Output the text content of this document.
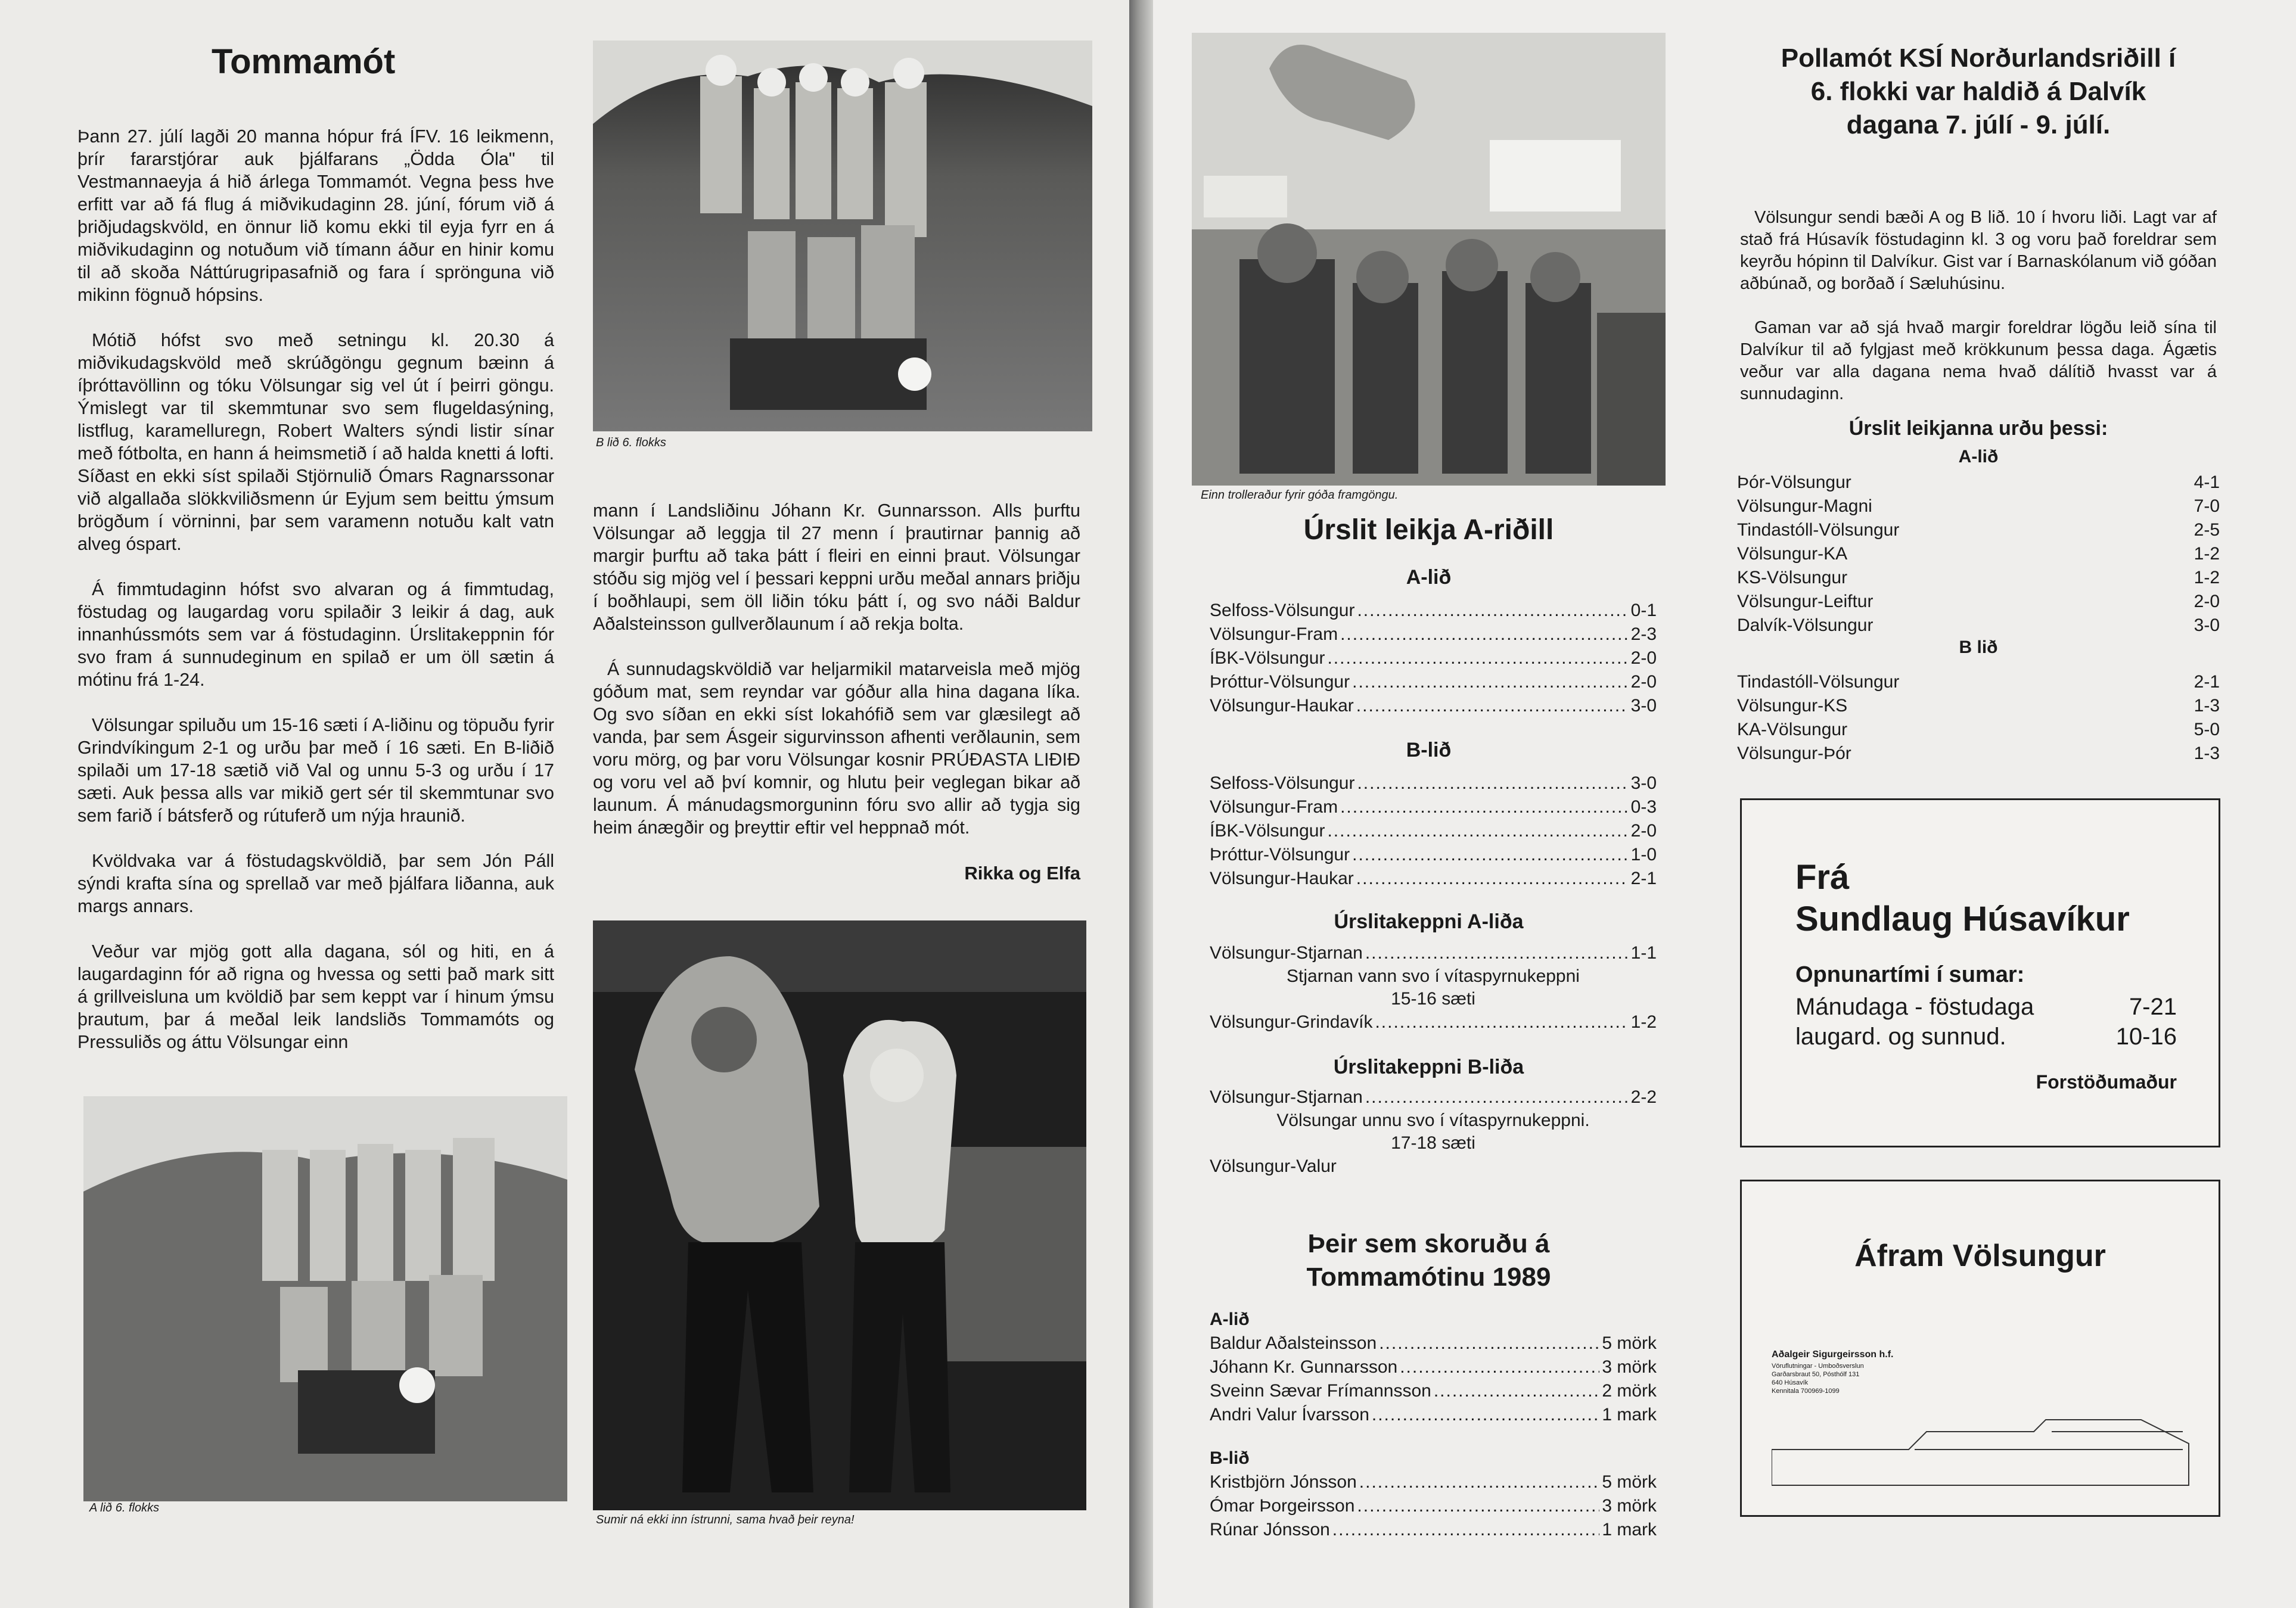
Tommamót

Þann 27. júlí lagði 20 manna hópur frá ÍFV. 16 leikmenn, þrír fararstjórar auk þjálfarans „Ödda Óla" til Vestmannaeyja á hið árlega Tommamót. Vegna þess hve erfitt var að fá flug á miðvikudaginn 28. júní, fórum við á þriðjudagskvöld, en önnur lið komu ekki til eyja fyrr en á miðvikudaginn og notuðum við tímann áður en hinir komu til að skoða Náttúrugripasafnið og fara í sprönguna við mikinn fögnuð hópsins.

Mótið hófst svo með setningu kl. 20.30 á miðvikudagskvöld með skrúðgöngu gegnum bæinn á íþróttavöllinn og tóku Völsungar sig vel út í þeirri göngu. Ýmislegt var til skemmtunar svo sem flugeldasýning, listflug, karamelluregn, Robert Walters sýndi listir sínar með fótbolta, en hann á heimsmetið í að halda knetti á lofti. Síðast en ekki síst spilaði Stjörnulið Ómars Ragnarssonar við algallaða slökkviliðsmenn úr Eyjum sem beittu ýmsum brögðum í vörninni, þar sem varamenn notuðu kalt vatn alveg óspart.

Á fimmtudaginn hófst svo alvaran og á fimmtudag, föstudag og laugardag voru spilaðir 3 leikir á dag, auk innanhússmóts sem var á föstudaginn. Úrslitakeppnin fór svo fram á sunnudeginum en spilað er um öll sætin á mótinu frá 1-24.

Völsungar spiluðu um 15-16 sæti í A-liðinu og töpuðu fyrir Grindvíkingum 2-1 og urðu þar með í 16 sæti. En B-liðið spilaði um 17-18 sætið við Val og unnu 5-3 og urðu í 17 sæti. Auk þessa alls var mikið gert sér til skemmtunar svo sem farið í bátsferð og rútuferð um nýja hraunið.

Kvöldvaka var á föstudagskvöldið, þar sem Jón Páll sýndi krafta sína og sprellað var með þjálfara liðanna, auk margs annars.

Veður var mjög gott alla dagana, sól og hiti, en á laugardaginn fór að rigna og hvessa og setti það mark sitt á grillveisluna um kvöldið þar sem keppt var í hinum ýmsu þrautum, þar á meðal leik landsliðs Tommamóts og Pressuliðs og áttu Völsungar einn

B lið 6. flokks

mann í Landsliðinu Jóhann Kr. Gunnarsson. Alls þurftu Völsungar að leggja til 27 menn í þrautirnar þannig að margir þurftu að taka þátt í fleiri en einni þraut. Völsungar stóðu sig mjög vel í þessari keppni urðu meðal annars þriðju í boðhlaupi, sem öll liðin tóku þátt í, og svo náði Baldur Aðalsteinsson gullverðlaunum í að rekja bolta.

Á sunnudagskvöldið var heljarmikil matarveisla með mjög góðum mat, sem reyndar var góður alla hina dagana líka. Og svo síðan en ekki síst lokahófið sem var glæsilegt að vanda, þar sem Ásgeir sigurvinsson afhenti verðlaunin, sem voru mörg, og þar voru Völsungar kosnir PRÚÐASTA LIÐIÐ og voru vel að því komnir, og hlutu þeir veglegan bikar að launum. Á mánudagsmorguninn fóru svo allir að tygja sig heim ánægðir og þreyttir eftir vel heppnað mót.

Rikka og Elfa
A lið 6. flokks
Sumir ná ekki inn ístrunni, sama hvað þeir reyna!
Einn trolleraður fyrir góða framgöngu.
Úrslit leikja A-riðill
A-lið
Selfoss-Völsungur .....	0-1
Völsungur-Fram .....	2-3
ÍBK-Völsungur .....	2-0
Þróttur-Völsungur .....	2-0
Völsungur-Haukar .....	3-0
B-lið
Selfoss-Völsungur .....	3-0
Völsungur-Fram .....	0-3
ÍBK-Völsungur .....	2-0
Þróttur-Völsungur .....	1-0
Völsungur-Haukar .....	2-1
Úrslitakeppni A-liða
Völsungur-Stjarnan .....	1-1
Stjarnan vann svo í vítaspyrnukeppni
15-16 sæti
Völsungur-Grindavík .....	1-2
Úrslitakeppni B-liða
Völsungur-Stjarnan .....	2-2
Völsungar unnu svo í vítaspyrnukeppni.
17-18 sæti
Völsungur-Valur
Þeir sem skoruðu á
Tommamótinu 1989
A-lið
Baldur Aðalsteinsson .....	5 mörk
Jóhann Kr. Gunnarsson .....	3 mörk
Sveinn Sævar Frímannsson .....	2 mörk
Andri Valur Ívarsson .....	1 mark
B-lið
Kristbjörn Jónsson .....	5 mörk
Ómar Þorgeirsson .....	3 mörk
Rúnar Jónsson .....	1 mark
Pollamót KSÍ Norðurlandsriðill í
6. flokki var haldið á Dalvík
dagana 7. júlí - 9. júlí.

Völsungur sendi bæði A og B lið. 10 í hvoru liði. Lagt var af stað frá Húsavík föstudaginn kl. 3 og voru það foreldrar sem keyrðu hópinn til Dalvíkur. Gist var í Barnaskólanum við góðan aðbúnað, og borðað í Sæluhúsinu.

Gaman var að sjá hvað margir foreldrar lögðu leið sína til Dalvíkur til að fylgjast með krökkunum þessa daga. Ágætis veður var alla dagana nema hvað dálítið hvasst var á sunnudaginn.

Úrslit leikjanna urðu þessi:
A-lið
Þór-Völsungur	4-1
Völsungur-Magni	7-0
Tindastóll-Völsungur	2-5
Völsungur-KA	1-2
KS-Völsungur	1-2
Völsungur-Leiftur	2-0
Dalvík-Völsungur	3-0
B lið
Tindastóll-Völsungur	2-1
Völsungur-KS	1-3
KA-Völsungur	5-0
Völsungur-Þór	1-3
Frá
Sundlaug Húsavíkur
Opnunartími í sumar:
Mánudaga - föstudaga	7-21
laugard. og sunnud.	10-16
Forstöðumaður
Áfram Völsungur
Aðalgeir Sigurgeirsson h.f.
Vöruflutningar - Umboðsverslun
Garðarsbraut 50, Pósthólf 131
640 Húsavík
Kennitala 700969-1099
